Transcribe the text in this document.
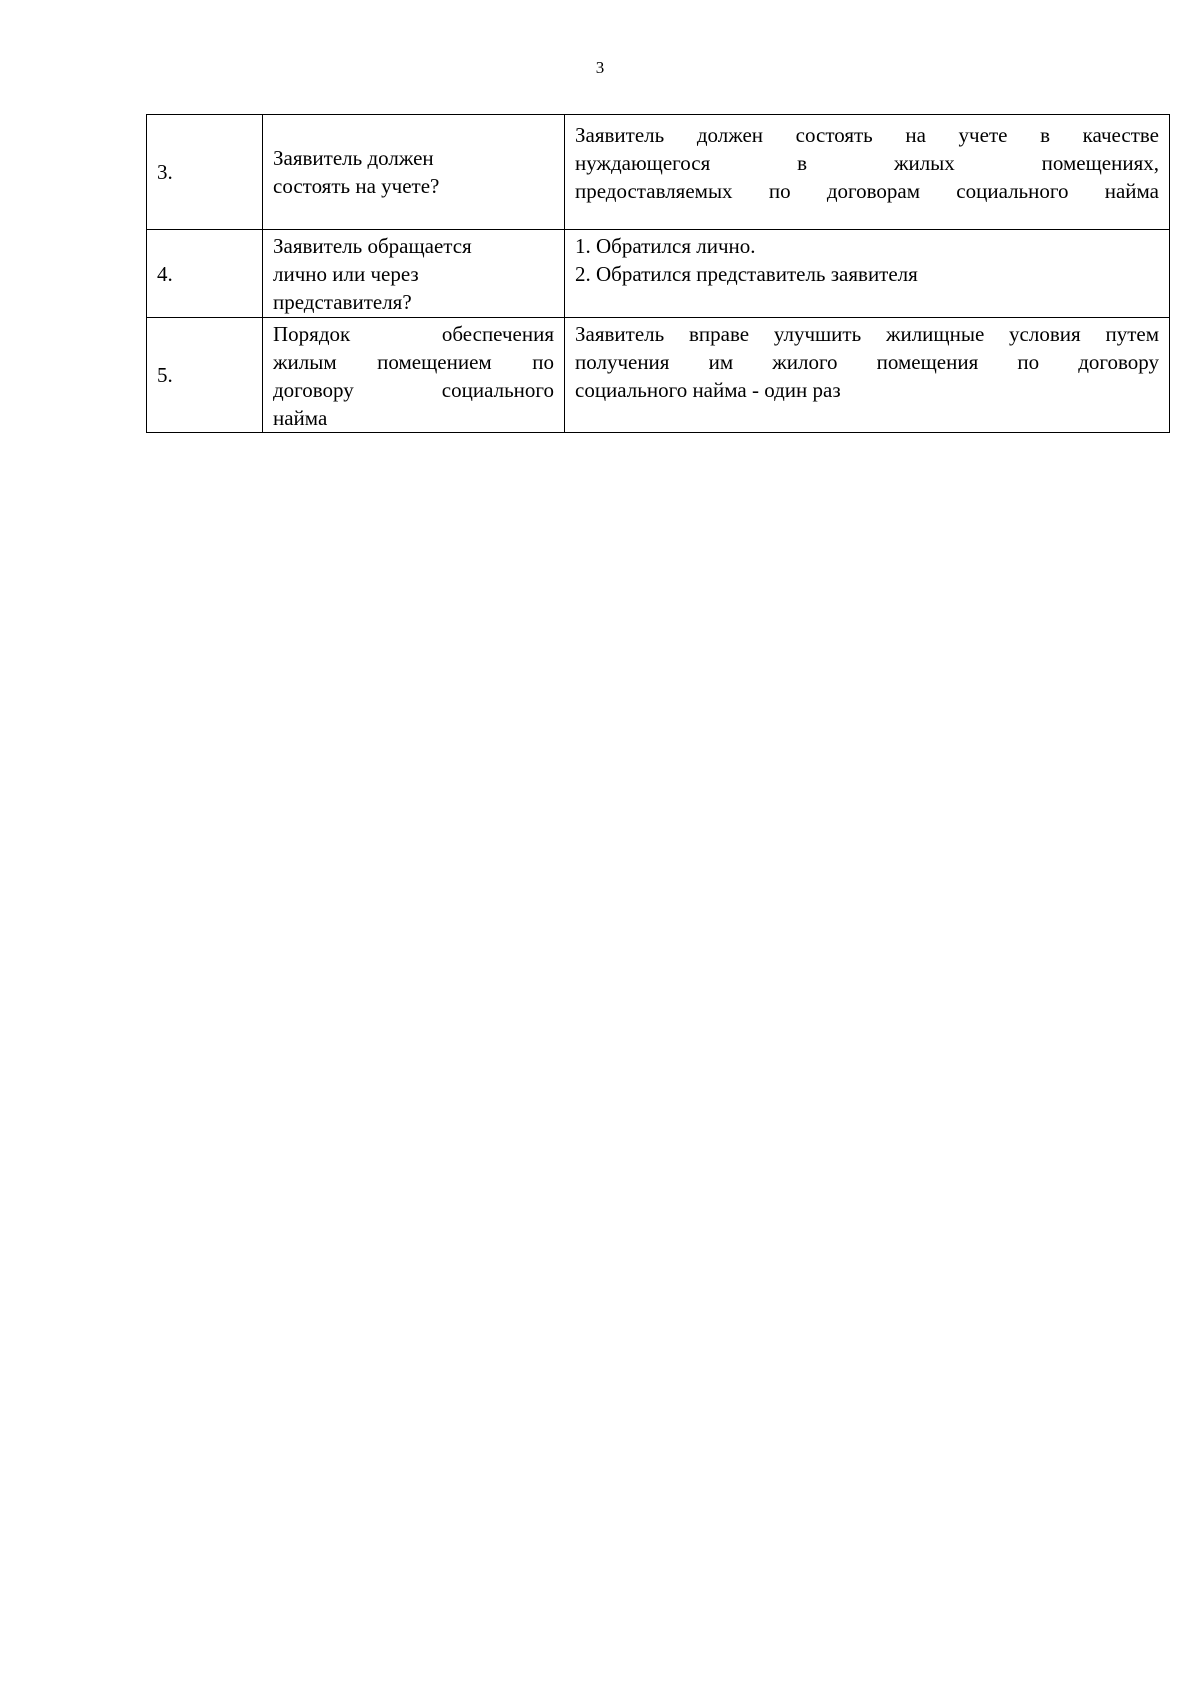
3
3.	Заявитель должен
состоять на учете?	Заявитель должен состоять на учете в качестве
нуждающегося в жилых помещениях,
предоставляемых по договорам социального найма

4.	Заявитель обращается
лично или через
представителя?	1. Обратился лично.
2. Обратился представитель заявителя

5.	Порядок обеспечения
жилым помещением по
договору социального
найма	Заявитель вправе улучшить жилищные условия путем
получения им жилого помещения по договору
социального найма - один раз
